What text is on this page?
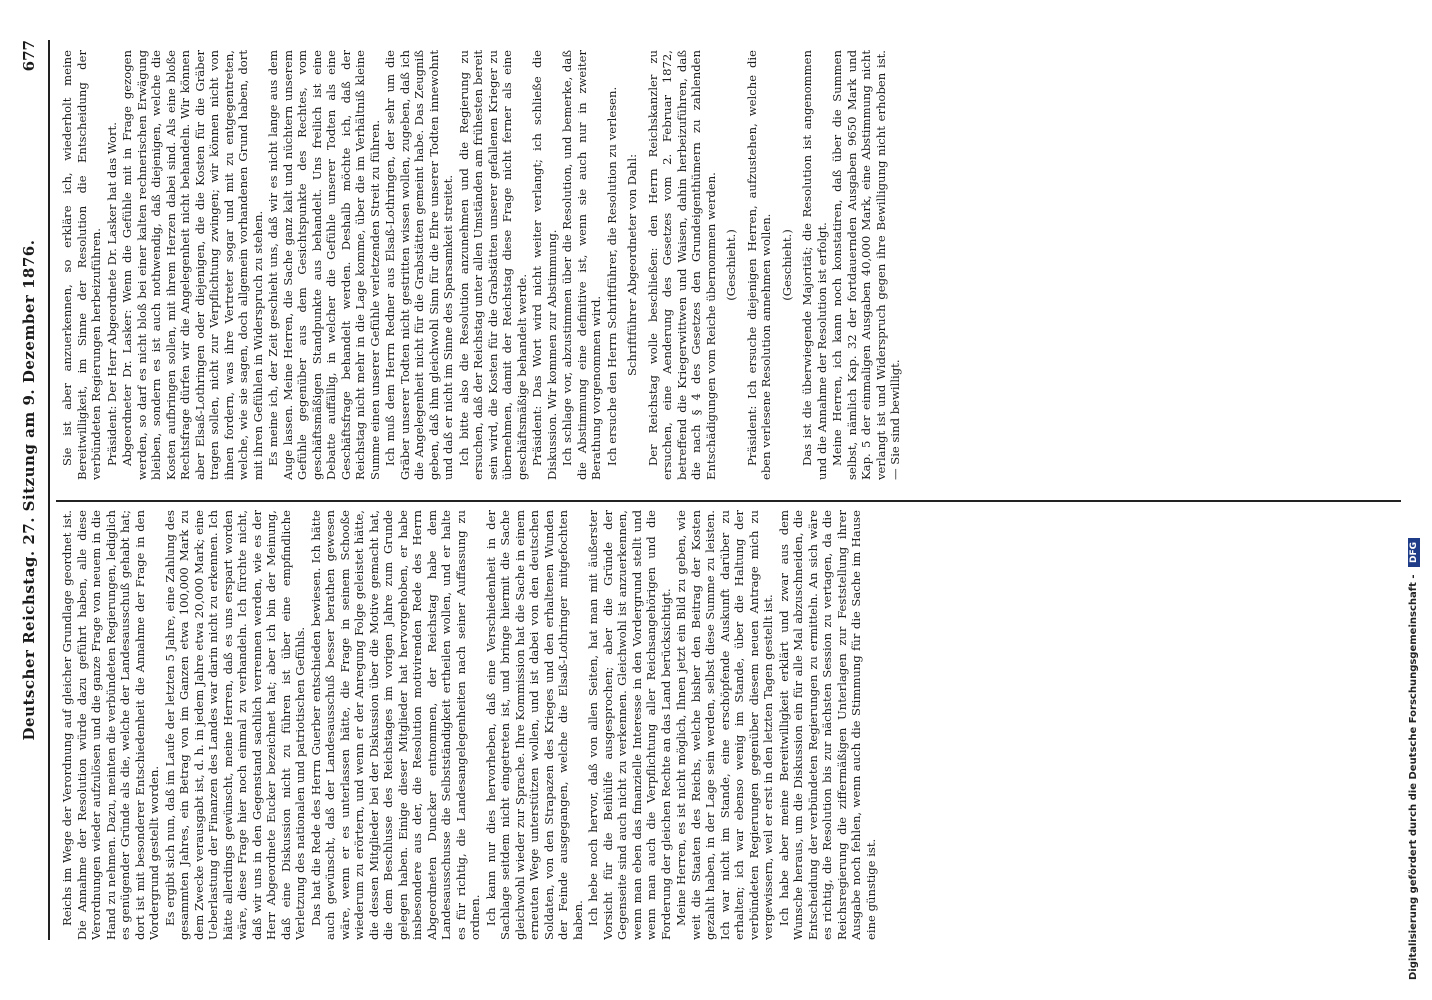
Deutscher Reichstag. 27. Sitzung am 9. Dezember 1876.
677

Reichs im Wege der Verordnung auf gleicher Grundlage geordnet ist. Die Annahme der Resolution würde dazu geführt haben, alle diese Verordnungen wieder aufzulösen und die ganze Frage von neuem in die Hand zu nehmen. Dazu, meinten die verbündeten Regierungen, lediglich es genügender Gründe als die, welche der Landesausschuß gehabt hat; dort ist mit besonderer Entschiedenheit die Annahme der Frage in den Vordergrund gestellt worden. Es ergibt sich nun, daß im Laufe der letzten 5 Jahre, eine Zahlung des gesammten Jahres, ein Betrag von im Ganzen etwa 100,000 Mark zu dem Zwecke verausgabt ist, d. h. in jedem Jahre etwa 20,000 Mark; eine Ueberlastung der Finanzen des Landes war darin nicht zu erkennen. Ich hätte allerdings gewünscht, meine Herren, daß es uns erspart worden wäre, diese Frage hier noch einmal zu verhandeln. Ich fürchte nicht, daß wir uns in den Gegenstand sachlich verrennen werden, wie es der Herr Abgeordnete Eucker bezeichnet hat; aber ich bin der Meinung, daß eine Diskussion nicht zu führen ist über eine empfindliche Verletzung des nationalen und patriotischen Gefühls. Das hat die Rede des Herrn Guerber entschieden bewiesen. Ich hätte auch gewünscht, daß der Landesausschuß besser berathen gewesen wäre, wenn er es unterlassen hätte, die Frage in seinem Schooße wiederum zu erörtern, und wenn er der Anregung Folge geleistet hätte, die dessen Mitglieder bei der Diskussion über die Motive gemacht hat, die dem Beschlusse des Reichstages im vorigen Jahre zum Grunde gelegen haben. Einige dieser Mitglieder hat hervorgehoben, er habe insbesondere aus der, die Resolution motivirenden Rede des Herrn Abgeordneten Duncker entnommen, der Reichstag habe dem Landesausschusse die Selbstständigkeit ertheilen wollen, und er halte es für richtig, die Landesangelegenheiten nach seiner Auffassung zu ordnen. Ich kann nur dies hervorheben, daß eine Verschiedenheit in der Sachlage seitdem nicht eingetreten ist, und bringe hiermit die Sache gleichwohl wieder zur Sprache. Ihre Kommission hat die Sache in einem erneuten Wege unterstützen wollen, und ist dabei von den deutschen Soldaten, von den Strapazen des Krieges und den erhaltenen Wunden der Feinde ausgegangen, welche die Elsaß-Lothringer mitgefochten haben. Ich hebe noch hervor, daß von allen Seiten, hat man mit äußerster Vorsicht für die Beihülfe ausgesprochen; aber die Gründe der Gegenseite sind auch nicht zu verkennen. Gleichwohl ist anzuerkennen, wenn man eben das finanzielle Interesse in den Vordergrund stellt und wenn man auch die Verpflichtung aller Reichsangehörigen und die Forderung der gleichen Rechte an das Land berücksichtigt. Meine Herren, es ist nicht möglich, Ihnen jetzt ein Bild zu geben, wie weit die Staaten des Reichs, welche bisher den Beitrag der Kosten gezahlt haben, in der Lage sein werden, selbst diese Summe zu leisten. Ich war nicht im Stande, eine erschöpfende Auskunft darüber zu erhalten; ich war ebenso wenig im Stande, über die Haltung der verbündeten Regierungen gegenüber diesem neuen Antrage mich zu vergewissern, weil er erst in den letzten Tagen gestellt ist. Ich habe aber meine Bereitwilligkeit erklärt und zwar aus dem Wunsche heraus, um die Diskussion ein für alle Mal abzuschneiden, die Entscheidung der verbündeten Regierungen zu ermitteln. An sich wäre es richtig, die Resolution bis zur nächsten Session zu vertagen, da die Reichsregierung die ziffermäßigen Unterlagen zur Feststellung ihrer Ausgabe noch fehlen, wenn auch die Stimmung für die Sache im Hause eine günstige ist.

Sie ist aber anzuerkennen, so erkläre ich, wiederholt meine Bereitwilligkeit, im Sinne der Resolution die Entscheidung der verbündeten Regierungen herbeizuführen. Präsident: Der Herr Abgeordnete Dr. Lasker hat das Wort. Abgeordneter Dr. Lasker: Wenn die Gefühle mit in Frage gezogen werden, so darf es nicht bloß bei einer kalten rechnerischen Erwägung bleiben, sondern es ist auch nothwendig, daß diejenigen, welche die Kosten aufbringen sollen, mit ihrem Herzen dabei sind. Als eine bloße Rechtsfrage dürfen wir die Angelegenheit nicht behandeln. Wir können aber Elsaß-Lothringen oder diejenigen, die die Kosten für die Gräber tragen sollen, nicht zur Verpflichtung zwingen; wir können nicht von ihnen fordern, was ihre Vertreter sogar und mit zu entgegentreten, welche, wie sie sagen, doch allgemein vorhandenen Grund haben, dort mit ihren Gefühlen in Widerspruch zu stehen. Es meine ich, der Zeit geschieht uns, daß wir es nicht lange aus dem Auge lassen. Meine Herren, die Sache ganz kalt und nüchtern unserem Gefühle gegenüber aus dem Gesichtspunkte des Rechtes, vom geschäftsmäßigen Standpunkte aus behandelt. Uns freilich ist eine Debatte auffällig, in welcher die Gefühle unserer Todten als eine Geschäftsfrage behandelt werden. Deshalb möchte ich, daß der Reichstag nicht mehr in die Lage komme, über die im Verhältniß kleine Summe einen unserer Gefühle verletzenden Streit zu führen. Ich muß dem Herrn Redner aus Elsaß-Lothringen, der sehr um die Gräber unserer Todten nicht gestritten wissen wollen, zugeben, daß ich die Angelegenheit nicht für die Grabstätten gemeint habe. Das Zeugniß geben, daß ihm gleichwohl Sinn für die Ehre unserer Todten innewohnt und daß er nicht im Sinne des Sparsamkeit streitet. Ich bitte also die Resolution anzunehmen und die Regierung zu ersuchen, daß der Reichstag unter allen Umständen am frühesten bereit sein wird, die Kosten für die Grabstätten unserer gefallenen Krieger zu übernehmen, damit der Reichstag diese Frage nicht ferner als eine geschäftsmäßige behandelt werde. Präsident: Das Wort wird nicht weiter verlangt; ich schließe die Diskussion. Wir kommen zur Abstimmung. Ich schlage vor, abzustimmen über die Resolution, und bemerke, daß die Abstimmung eine definitive ist, wenn sie auch nur in zweiter Berathung vorgenommen wird. Ich ersuche den Herrn Schriftführer, die Resolution zu verlesen. Schriftführer Abgeordneter von Dahl: Der Reichstag wolle beschließen: den Herrn Reichskanzler zu ersuchen, eine Aenderung des Gesetzes vom 2. Februar 1872, betreffend die Kriegerwittwen und Waisen, dahin herbeizuführen, daß die nach § 4 des Gesetzes den Grundeigenthümern zu zahlenden Entschädigungen vom Reiche übernommen werden. (Geschieht.) Präsident: Ich ersuche diejenigen Herren, aufzustehen, welche die eben verlesene Resolution annehmen wollen. (Geschieht.) Das ist die überwiegende Majorität; die Resolution ist angenommen und die Annahme der Resolution ist erfolgt. Meine Herren, ich kann noch konstatiren, daß über die Summen selbst, nämlich Kap. 32 der fortdauernden Ausgaben 9650 Mark und Kap. 5 der einmaligen Ausgaben 40,000 Mark, eine Abstimmung nicht verlangt ist und Widerspruch gegen ihre Bewilligung nicht erhoben ist. — Sie sind bewilligt.

Digitalisierung gefördert durch die Deutsche Forschungsgemeinschaft - DFG
